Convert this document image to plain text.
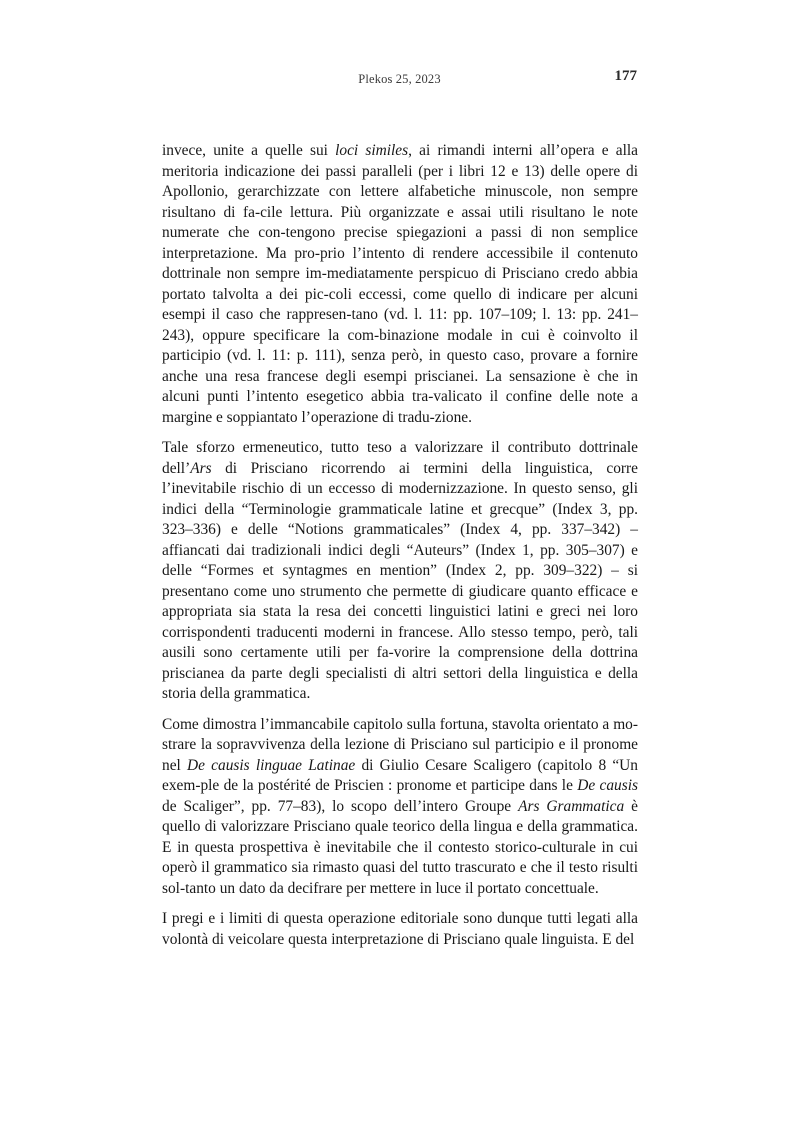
Plekos 25, 2023	177

invece, unite a quelle sui loci similes, ai rimandi interni all’opera e alla meritoria indicazione dei passi paralleli (per i libri 12 e 13) delle opere di Apollonio, gerarchizzate con lettere alfabetiche minuscole, non sempre risultano di fa-cile lettura. Più organizzate e assai utili risultano le note numerate che con-tengono precise spiegazioni a passi di non semplice interpretazione. Ma pro-prio l’intento di rendere accessibile il contenuto dottrinale non sempre im-mediatamente perspicuo di Prisciano credo abbia portato talvolta a dei pic-coli eccessi, come quello di indicare per alcuni esempi il caso che rappresen-tano (vd. l. 11: pp. 107–109; l. 13: pp. 241–243), oppure specificare la com-binazione modale in cui è coinvolto il participio (vd. l. 11: p. 111), senza però, in questo caso, provare a fornire anche una resa francese degli esempi priscianei. La sensazione è che in alcuni punti l’intento esegetico abbia tra-valicato il confine delle note a margine e soppiantato l’operazione di tradu-zione.

Tale sforzo ermeneutico, tutto teso a valorizzare il contributo dottrinale dell’Ars di Prisciano ricorrendo ai termini della linguistica, corre l’inevitabile rischio di un eccesso di modernizzazione. In questo senso, gli indici della “Terminologie grammaticale latine et grecque” (Index 3, pp. 323–336) e delle “Notions grammaticales” (Index 4, pp. 337–342) – affiancati dai tradizionali indici degli “Auteurs” (Index 1, pp. 305–307) e delle “Formes et syntagmes en mention” (Index 2, pp. 309–322) – si presentano come uno strumento che permette di giudicare quanto efficace e appropriata sia stata la resa dei concetti linguistici latini e greci nei loro corrispondenti traducenti moderni in francese. Allo stesso tempo, però, tali ausili sono certamente utili per fa-vorire la comprensione della dottrina priscianea da parte degli specialisti di altri settori della linguistica e della storia della grammatica.

Come dimostra l’immancabile capitolo sulla fortuna, stavolta orientato a mo-strare la sopravvivenza della lezione di Prisciano sul participio e il pronome nel De causis linguae Latinae di Giulio Cesare Scaligero (capitolo 8 “Un exem-ple de la postérité de Priscien : pronome et participe dans le De causis de Scaliger”, pp. 77–83), lo scopo dell’intero Groupe Ars Grammatica è quello di valorizzare Prisciano quale teorico della lingua e della grammatica. E in questa prospettiva è inevitabile che il contesto storico-culturale in cui operò il grammatico sia rimasto quasi del tutto trascurato e che il testo risulti sol-tanto un dato da decifrare per mettere in luce il portato concettuale.

I pregi e i limiti di questa operazione editoriale sono dunque tutti legati alla volontà di veicolare questa interpretazione di Prisciano quale linguista. E del
